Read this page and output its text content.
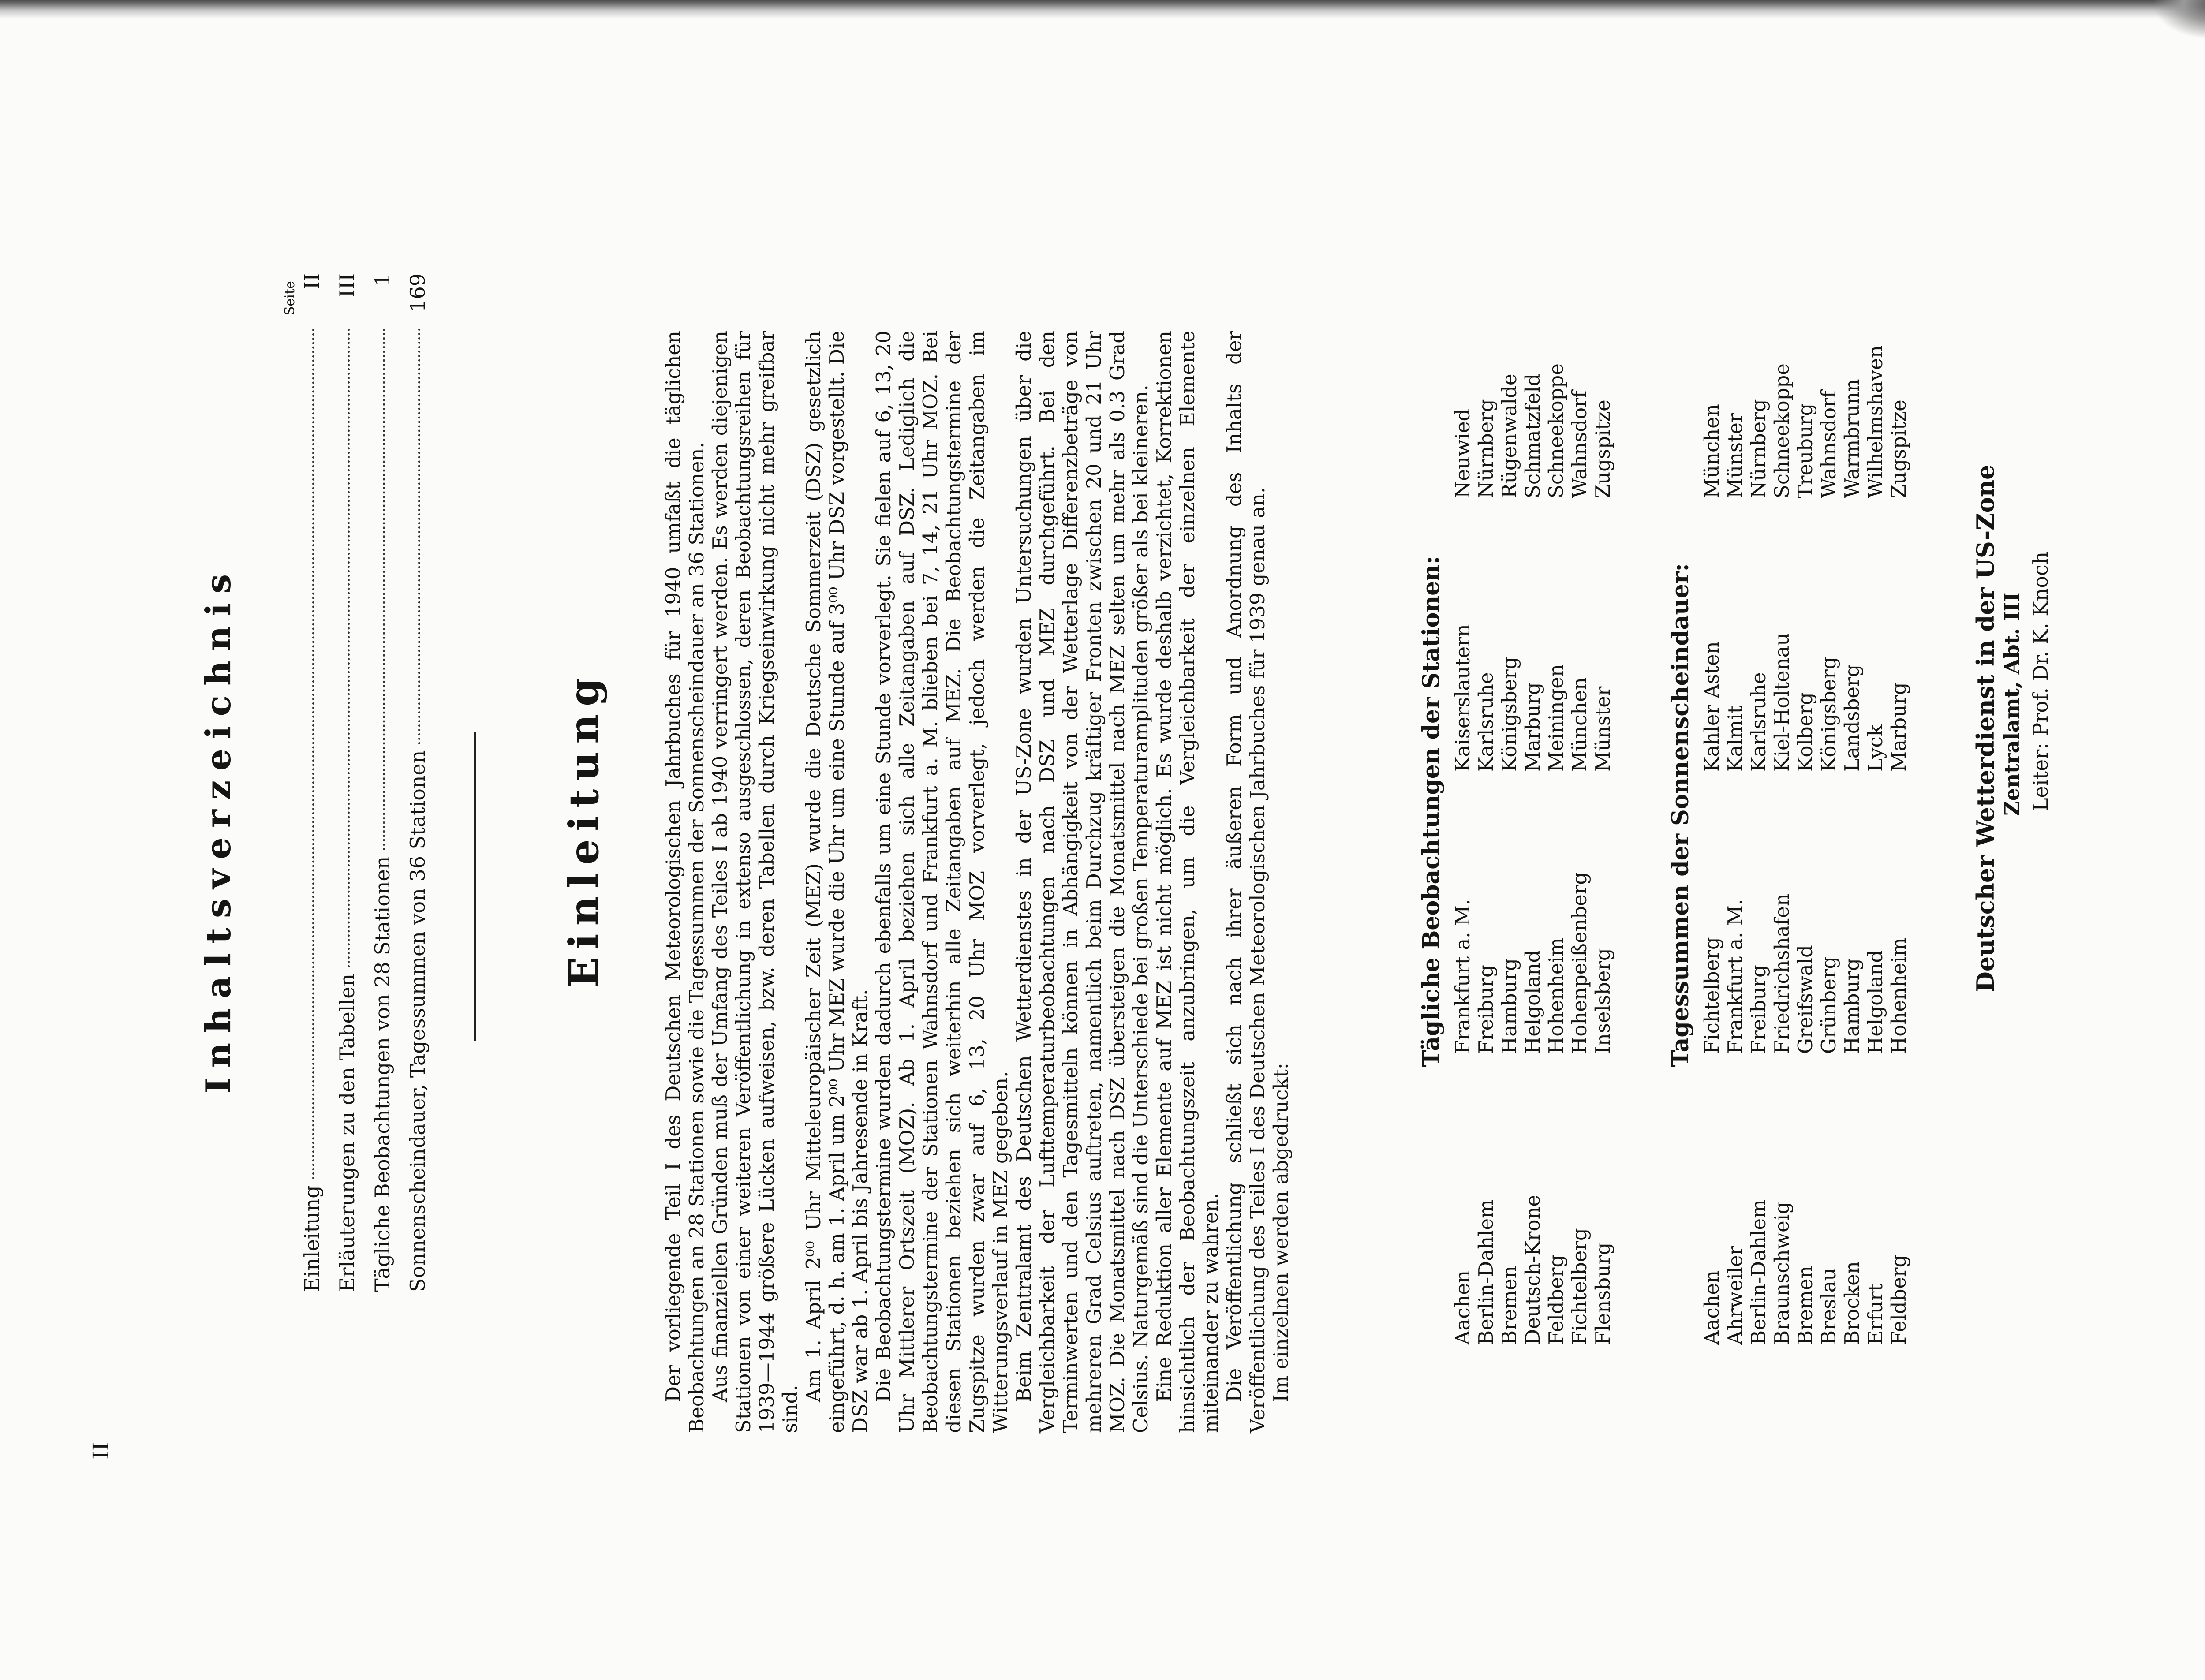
II
Inhaltsverzeichnis
Seite
Einleitung
II
Erläuterungen zu den Tabellen
III
Tägliche Beobachtungen von 28 Stationen
1
Sonnenscheindauer, Tagessummen von 36 Stationen
169
Einleitung	Der vorliegende Teil I des Deutschen Meteorologischen Jahrbuches für 1940 umfaßt die täglichen Beobachtungen an 28 Stationen sowie die Tagessummen der Sonnenscheindauer an 36 Stationen. Aus finanziellen Gründen muß der Umfang des Teiles I ab 1940 verringert werden. Es werden diejenigen Stationen von einer weiteren Veröffentlichung in extenso ausgeschlossen, deren Beobachtungsreihen für 1939—1944 größere Lücken aufweisen, bzw. deren Tabellen durch Kriegseinwirkung nicht mehr greifbar sind.

Am 1. April 2⁰⁰ Uhr Mitteleuropäischer Zeit (MEZ) wurde die Deutsche Sommerzeit (DSZ) gesetzlich eingeführt, d. h. am 1. April um 2⁰⁰ Uhr MEZ wurde die Uhr um eine Stunde auf 3⁰⁰ Uhr DSZ vorgestellt. Die DSZ war ab 1. April bis Jahresende in Kraft. Die Beobachtungstermine wurden dadurch ebenfalls um eine Stunde vorverlegt. Sie fielen auf 6, 13, 20 Uhr Mittlerer Ortszeit (MOZ). Ab 1. April beziehen sich alle Zeitangaben auf DSZ. Lediglich die Beobachtungstermine der Stationen Wahnsdorf und Frankfurt a. M. blieben bei 7, 14, 21 Uhr MOZ. Bei diesen Stationen beziehen sich weiterhin alle Zeitangaben auf MEZ. Die Beobachtungstermine der Zugspitze wurden zwar auf 6, 13, 20 Uhr MOZ vorverlegt, jedoch werden die Zeitangaben im Witterungsverlauf in MEZ gegeben. Beim Zentralamt des Deutschen Wetterdienstes in der US-Zone wurden Untersuchungen über die Vergleichbarkeit der Lufttemperaturbeobachtungen nach DSZ und MEZ durchgeführt. Bei den Terminwerten und den Tagesmitteln können in Abhängigkeit von der Wetterlage Differenzbeträge von mehreren Grad Celsius auftreten, namentlich beim Durchzug kräftiger Fronten zwischen 20 und 21 Uhr MOZ. Die Monatsmittel nach DSZ übersteigen die Monatsmittel nach MEZ selten um mehr als 0.3 Grad Celsius. Naturgemäß sind die Unterschiede bei großen Temperaturamplituden größer als bei kleineren. Eine Reduktion aller Elemente auf MEZ ist nicht möglich. Es wurde deshalb verzichtet, Korrektionen hinsichtlich der Beobachtungszeit anzubringen, um die Vergleichbarkeit der einzelnen Elemente miteinander zu wahren. Die Veröffentlichung schließt sich nach ihrer äußeren Form und Anordnung des Inhalts der Veröffentlichung des Teiles I des Deutschen Meteorologischen Jahrbuches für 1939 genau an. Im einzelnen werden abgedruckt:

Tägliche Beobachtungen der Stationen:
Aachen Berlin-Dahlem Bremen Deutsch-Krone Feldberg Fichtelberg Flensburg
Frankfurt a. M. Freiburg Hamburg Helgoland Hohenheim Hohenpeißenberg Inselsberg
Kaiserslautern Karlsruhe Königsberg Marburg Meiningen München Münster
Neuwied Nürnberg Rügenwalde Schmatzfeld Schneekoppe Wahnsdorf Zugspitze
Tagessummen der Sonnenscheindauer:
Aachen Ahrweiler Berlin-Dahlem Braunschweig Bremen Breslau Brocken Erfurt Feldberg
Fichtelberg Frankfurt a. M. Freiburg Friedrichshafen Greifswald Grünberg Hamburg Helgoland Hohenheim
Kahler Asten Kalmit Karlsruhe Kiel-Holtenau Kolberg Königsberg Landsberg Lyck Marburg
München Münster Nürnberg Schneekoppe Treuburg Wahnsdorf Warmbrunn Wilhelmshaven Zugspitze
Deutscher Wetterdienst in der US-Zone Zentralamt, Abt. III Leiter: Prof. Dr. K. Knoch
